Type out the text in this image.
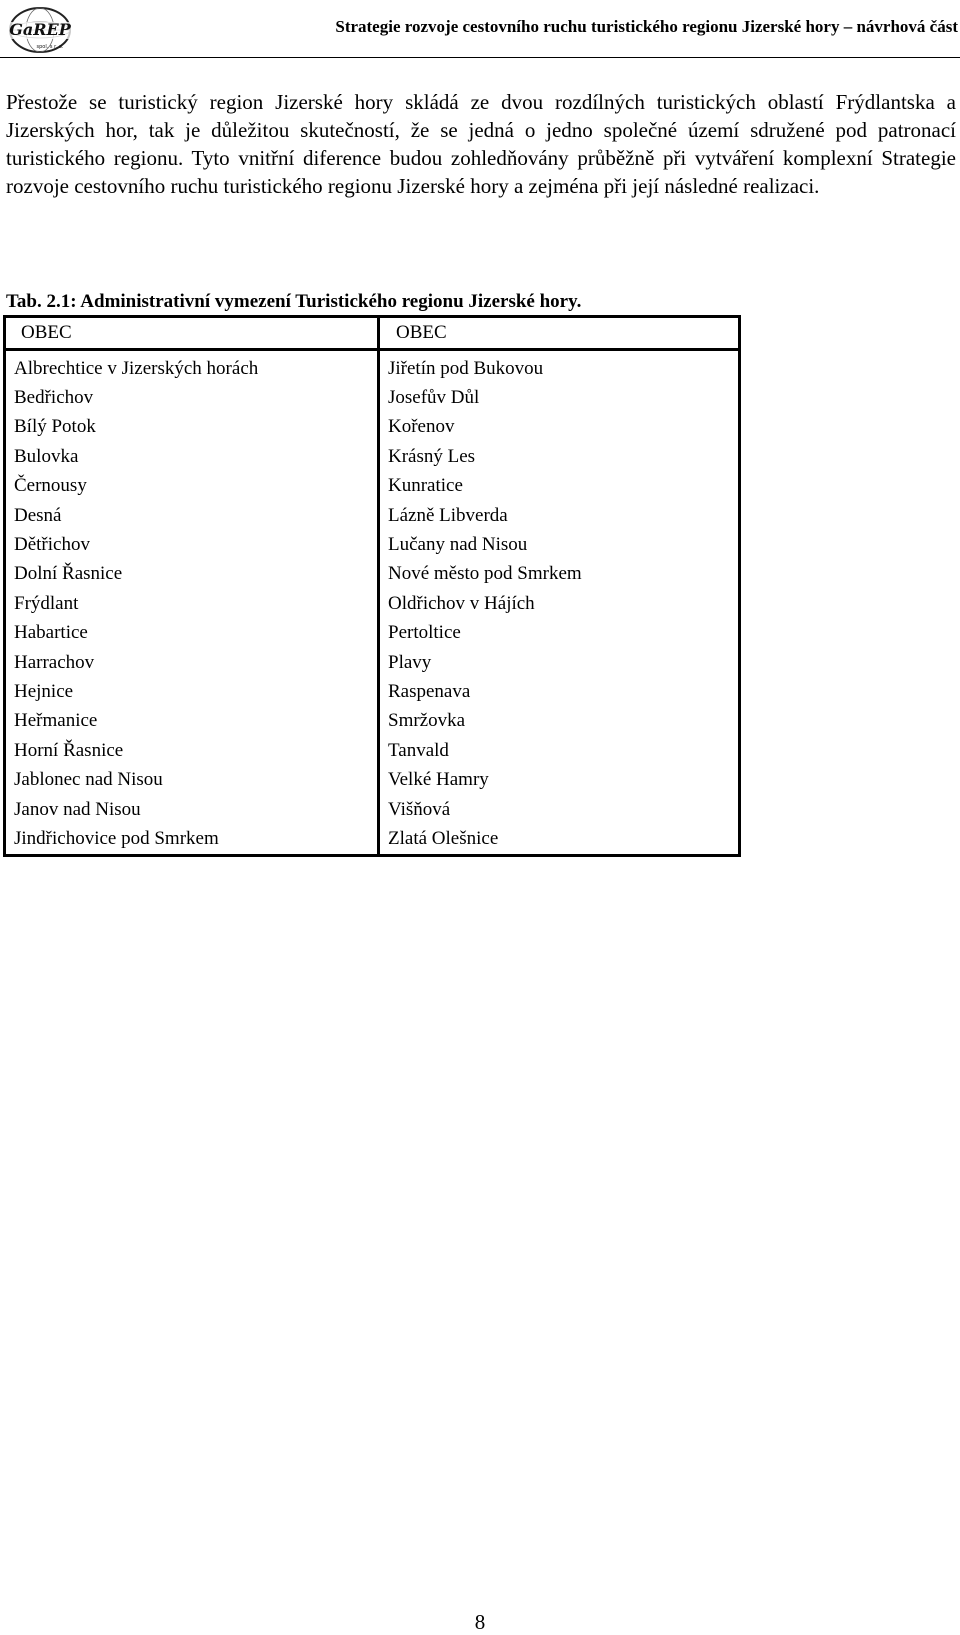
GaREP
spol. s r. o.
Strategie rozvoje cestovního ruchu turistického regionu Jizerské hory – návrhová část

Přestože se turistický region Jizerské hory skládá ze dvou rozdílných turistických oblastí Frýdlantska a Jizerských hor, tak je důležitou skutečností, že se jedná o jedno společné území sdružené pod patronací turistického regionu. Tyto vnitřní diference budou zohledňovány průběžně při vytváření komplexní Strategie rozvoje cestovního ruchu turistického regionu Jizerské hory a zejména při její následné realizaci.

Tab. 2.1: Administrativní vymezení Turistického regionu Jizerské hory.

OBEC	OBEC
Albrechtice v Jizerských horách	Jiřetín pod Bukovou
Bedřichov	Josefův Důl
Bílý Potok	Kořenov
Bulovka	Krásný Les
Černousy	Kunratice
Desná	Lázně Libverda
Dětřichov	Lučany nad Nisou
Dolní Řasnice	Nové město pod Smrkem
Frýdlant	Oldřichov v Hájích
Habartice	Pertoltice
Harrachov	Plavy
Hejnice	Raspenava
Heřmanice	Smržovka
Horní Řasnice	Tanvald
Jablonec nad Nisou	Velké Hamry
Janov nad Nisou	Višňová
Jindřichovice pod Smrkem	Zlatá Olešnice
8
